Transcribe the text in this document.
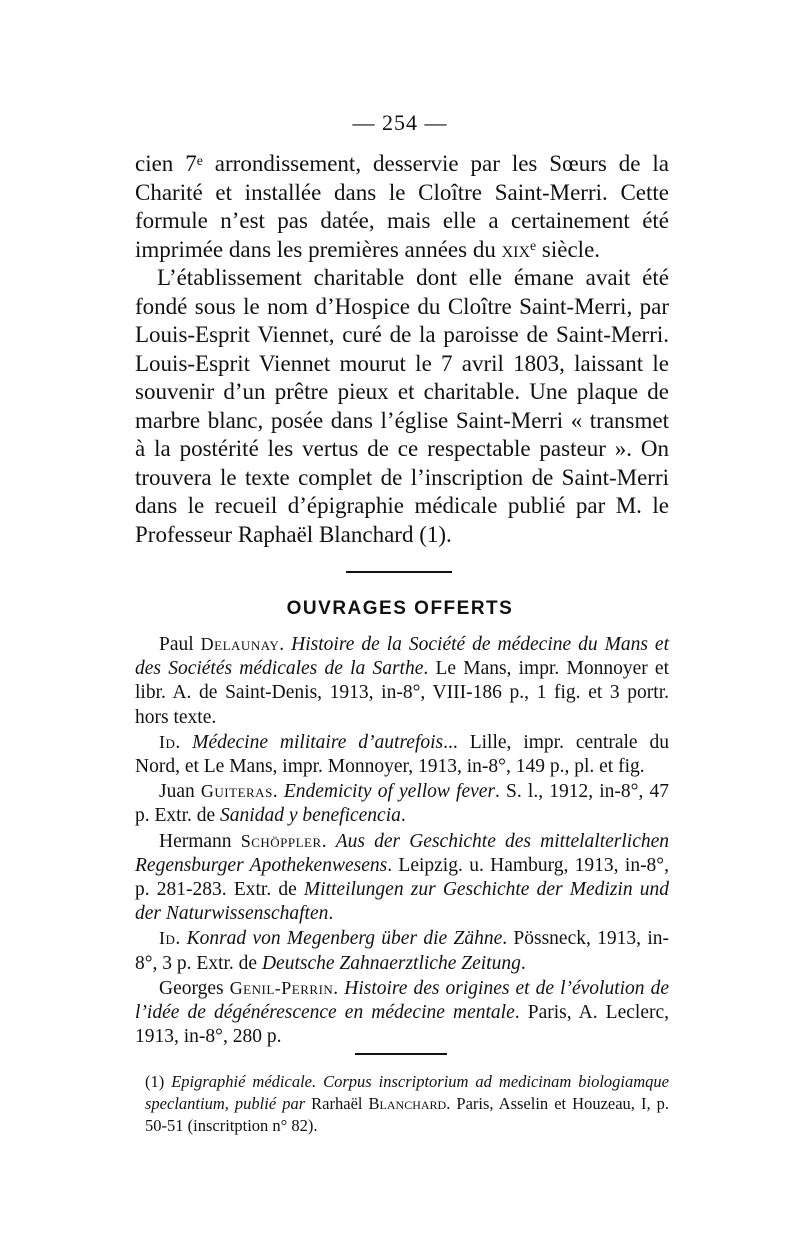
— 254 —

cien 7e arrondissement, desservie par les Sœurs de la Charité et installée dans le Cloître Saint-Merri. Cette formule n’est pas datée, mais elle a certainement été imprimée dans les premières années du xix$^e$ siècle.

L’établissement charitable dont elle émane avait été fondé sous le nom d’Hospice du Cloître Saint-Merri, par Louis-Esprit Viennet, curé de la paroisse de Saint-Merri. Louis-Esprit Viennet mourut le 7 avril 1803, laissant le souvenir d’un prêtre pieux et charitable. Une plaque de marbre blanc, posée dans l’église Saint-Merri « transmet à la postérité les vertus de ce respectable pasteur ». On trouvera le texte complet de l’inscription de Saint-Merri dans le recueil d’épigraphie médicale publié par M. le Professeur Raphaël Blanchard (1).

OUVRAGES OFFERTS

Paul Delaunay. Histoire de la Société de médecine du Mans et des Sociétés médicales de la Sarthe. Le Mans, impr. Monnoyer et libr. A. de Saint-Denis, 1913, in-8°, VIII-186 p., 1 fig. et 3 portr. hors texte.

Id. Médecine militaire d’autrefois... Lille, impr. centrale du Nord, et Le Mans, impr. Monnoyer, 1913, in-8°, 149 p., pl. et fig.

Juan Guiteras. Endemicity of yellow fever. S. l., 1912, in-8°, 47 p. Extr. de Sanidad y beneficencia.

Hermann Schöppler. Aus der Geschichte des mittelalterlichen Regensburger Apothekenwesens. Leipzig. u. Hamburg, 1913, in-8°, p. 281-283. Extr. de Mitteilungen zur Geschichte der Medizin und der Naturwissenschaften.

Id. Konrad von Megenberg über die Zähne. Pössneck, 1913, in-8°, 3 p. Extr. de Deutsche Zahnaerztliche Zeitung.

Georges Genil-Perrin. Histoire des origines et de l’évolution de l’idée de dégénérescence en médecine mentale. Paris, A. Leclerc, 1913, in-8°, 280 p.

(1) Epigraphié médicale. Corpus inscriptorium ad medicinam biologiamque speclantium, publié par Rarhaël Blanchard. Paris, Asselin et Houzeau, I, p. 50-51 (inscritption n° 82).
